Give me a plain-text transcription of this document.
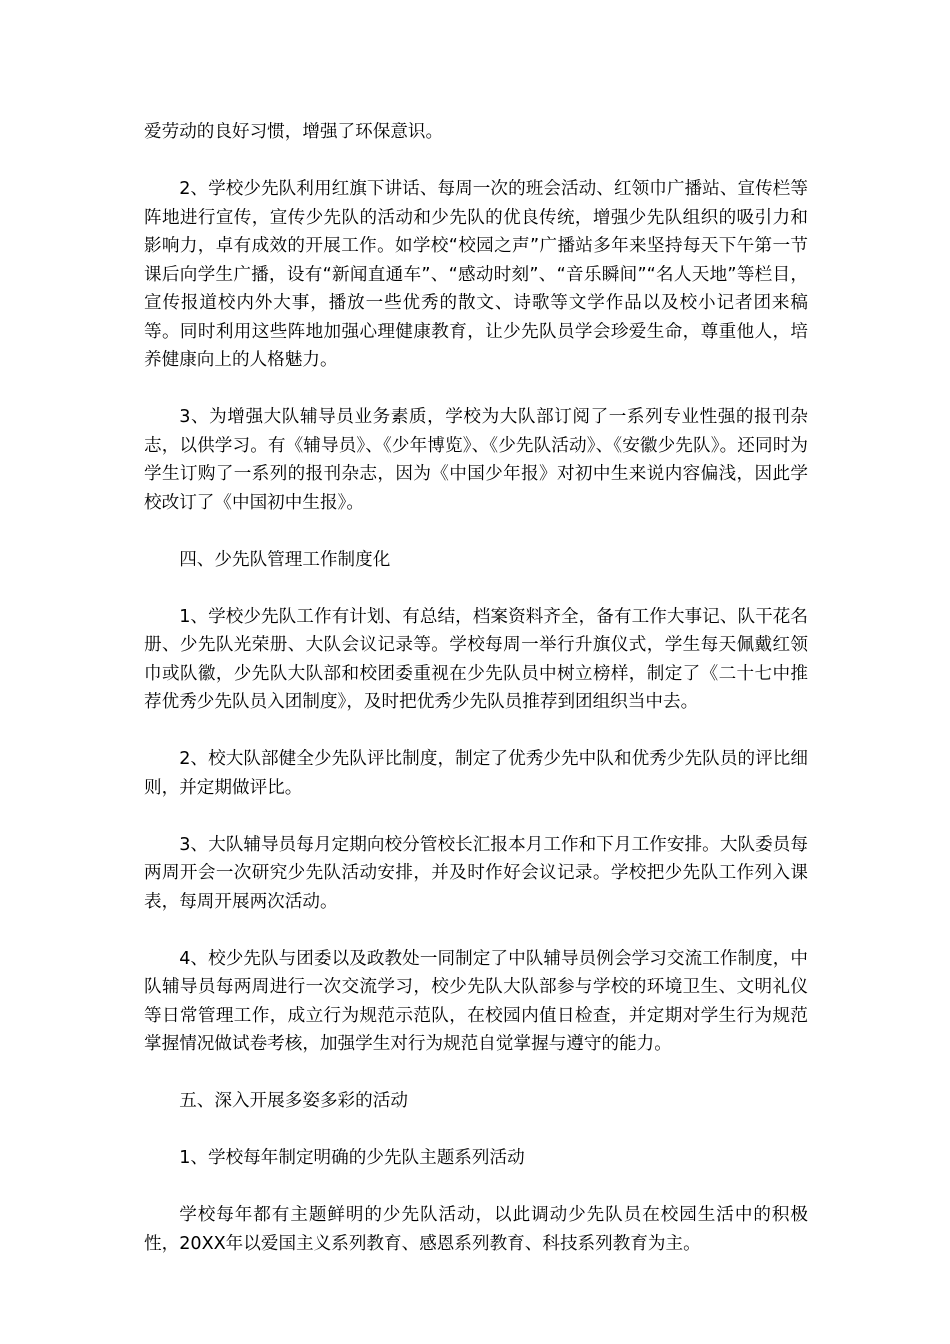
爱劳动的良好习惯，增强了环保意识。

2、学校少先队利用红旗下讲话、每周一次的班会活动、红领巾广播站、宣传栏等阵地进行宣传，宣传少先队的活动和少先队的优良传统，增强少先队组织的吸引力和影响力，卓有成效的开展工作。如学校“校园之声”广播站多年来坚持每天下午第一节课后向学生广播，设有“新闻直通车”、“感动时刻”、“音乐瞬间”“名人天地”等栏目，宣传报道校内外大事，播放一些优秀的散文、诗歌等文学作品以及校小记者团来稿等。同时利用这些阵地加强心理健康教育，让少先队员学会珍爱生命，尊重他人，培养健康向上的人格魅力。

3、为增强大队辅导员业务素质，学校为大队部订阅了一系列专业性强的报刊杂志，以供学习。有《辅导员》、《少年博览》、《少先队活动》、《安徽少先队》。还同时为学生订购了一系列的报刊杂志，因为《中国少年报》对初中生来说内容偏浅，因此学校改订了《中国初中生报》。

四、少先队管理工作制度化

1、学校少先队工作有计划、有总结，档案资料齐全，备有工作大事记、队干花名册、少先队光荣册、大队会议记录等。学校每周一举行升旗仪式，学生每天佩戴红领巾或队徽，少先队大队部和校团委重视在少先队员中树立榜样，制定了《二十七中推荐优秀少先队员入团制度》，及时把优秀少先队员推荐到团组织当中去。

2、校大队部健全少先队评比制度，制定了优秀少先中队和优秀少先队员的评比细则，并定期做评比。

3、大队辅导员每月定期向校分管校长汇报本月工作和下月工作安排。大队委员每两周开会一次研究少先队活动安排，并及时作好会议记录。学校把少先队工作列入课表，每周开展两次活动。

4、校少先队与团委以及政教处一同制定了中队辅导员例会学习交流工作制度，中队辅导员每两周进行一次交流学习，校少先队大队部参与学校的环境卫生、文明礼仪等日常管理工作，成立行为规范示范队，在校园内值日检查，并定期对学生行为规范掌握情况做试卷考核，加强学生对行为规范自觉掌握与遵守的能力。

五、深入开展多姿多彩的活动

1、学校每年制定明确的少先队主题系列活动

学校每年都有主题鲜明的少先队活动，以此调动少先队员在校园生活中的积极性，20XX年以爱国主义系列教育、感恩系列教育、科技系列教育为主。
